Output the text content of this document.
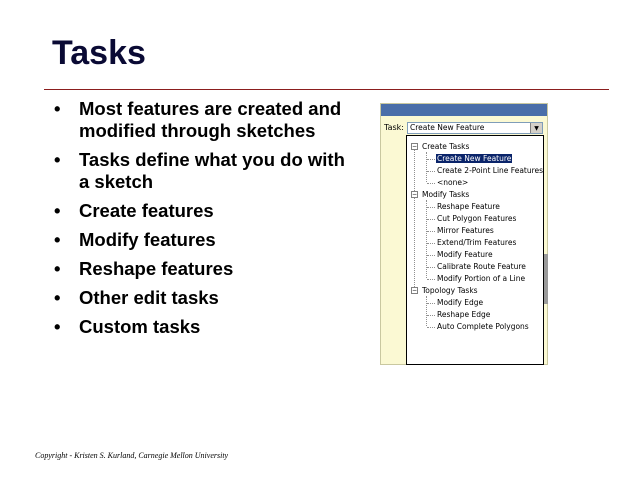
Tasks
• Most features are created and modified through sketches
• Tasks define what you do with a sketch
• Create features
• Modify features
• Reshape features
• Other edit tasks
• Custom tasks
Copyright - Kristen S. Kurland, Carnegie Mellon University
Task: Create New Feature	▼
− Create Tasks
Create New Feature
Create 2-Point Line Features
<none>
− Modify Tasks
Reshape Feature
Cut Polygon Features
Mirror Features
Extend/Trim Features
Modify Feature
Calibrate Route Feature
Modify Portion of a Line
− Topology Tasks
Modify Edge
Reshape Edge
Auto Complete Polygons
